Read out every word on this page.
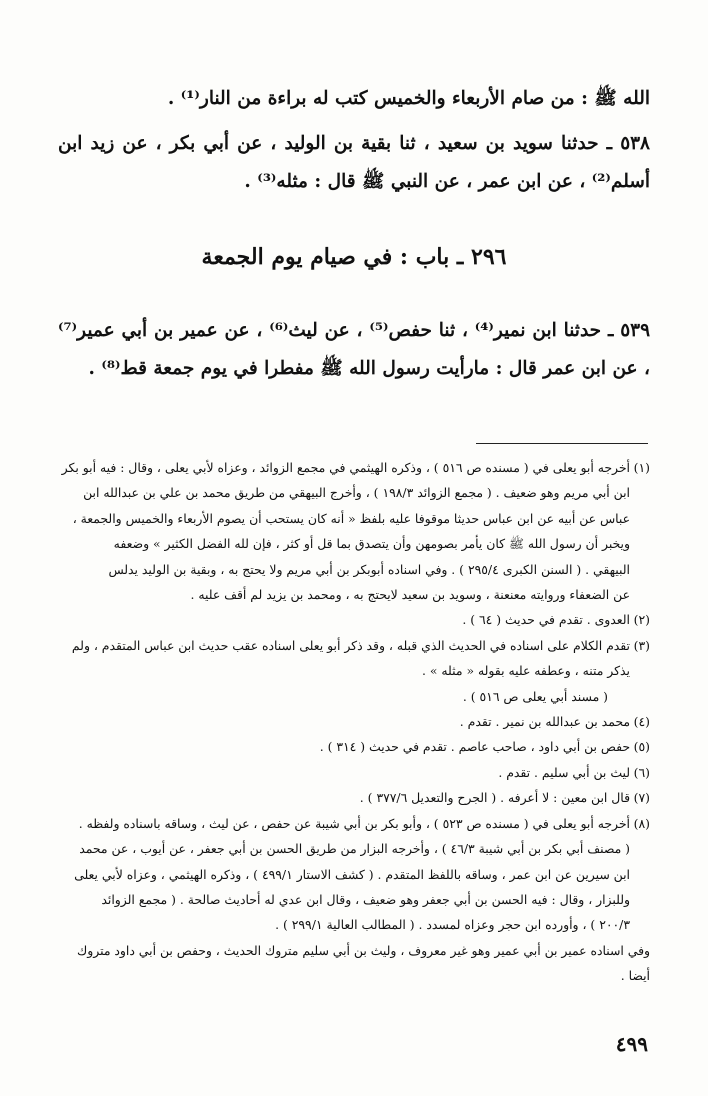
الله ﷺ : من صام الأربعاء والخميس كتب له براءة من النار⁽¹⁾ .
٥٣٨ ـ حدثنا سويد بن سعيد ، ثنا بقية بن الوليد ، عن أبي بكر ، عن زيد ابن أسلم⁽²⁾ ، عن ابن عمر ، عن النبي ﷺ قال : مثله⁽³⁾ .
٢٩٦ ـ باب : في صيام يوم الجمعة
٥٣٩ ـ حدثنا ابن نمير⁽⁴⁾ ، ثنا حفص⁽⁵⁾ ، عن ليث⁽⁶⁾ ، عن عمير بن أبي عمير⁽⁷⁾ ، عن ابن عمر قال : مارأيت رسول الله ﷺ مفطرا في يوم جمعة قط⁽⁸⁾ .
(١)
أخرجه أبو يعلى في ( مسنده ص ٥١٦ ) ، وذكره الهيثمي في مجمع الزوائد ، وعزاه لأبي يعلى ، وقال : فيه أبو بكر
ابن أبي مريم وهو ضعيف . ( مجمع الزوائد ١٩٨/٣ ) ، وأخرج البيهقي من طريق محمد بن علي بن عبدالله ابن
عباس عن أبيه عن ابن عباس حديثا موقوفا عليه بلفظ « أنه كان يستحب أن يصوم الأربعاء والخميس والجمعة ،
ويخبر أن رسول الله ﷺ كان يأمر بصومهن وأن يتصدق بما قل أو كثر ، فإن لله الفضل الكثير » وضعفه
البيهقي . ( السنن الكبرى ٢٩٥/٤ ) . وفي اسناده أبوبكر بن أبي مريم ولا يحتج به ، وبقية بن الوليد يدلس
عن الضعفاء وروايته معنعنة ، وسويد بن سعيد لايحتج به ، ومحمد بن يزيد لم أقف عليه .
(٢)
العدوى . تقدم في حديث ( ٦٤ ) .
(٣)
تقدم الكلام على اسناده في الحديث الذي قبله ، وقد ذكر أبو يعلى اسناده عقب حديث ابن عباس المتقدم ، ولم
يذكر متنه ، وعطفه عليه بقوله « مثله » .
( مسند أبي يعلى ص ٥١٦ ) .
(٤)
محمد بن عبدالله بن نمير . تقدم .
(٥)
حفص بن أبي داود ، صاحب عاصم . تقدم في حديث ( ٣١٤ ) .
(٦)
ليث بن أبي سليم . تقدم .
(٧)
قال ابن معين : لا أعرفه . ( الجرح والتعديل ٣٧٧/٦ ) .
(٨)
أخرجه أبو يعلى في ( مسنده ص ٥٢٣ ) ، وأبو بكر بن أبي شيبة عن حفص ، عن ليث ، وساقه باسناده ولفظه .
( مصنف أبي بكر بن أبي شيبة ٤٦/٣ ) ، وأخرجه البزار من طريق الحسن بن أبي جعفر ، عن أيوب ، عن محمد
ابن سيرين عن ابن عمر ، وساقه باللفظ المتقدم . ( كشف الاستار ٤٩٩/١ ) ، وذكره الهيثمي ، وعزاه لأبي يعلى
وللبزار ، وقال : فيه الحسن بن أبي جعفر وهو ضعيف ، وقال ابن عدي له أحاديث صالحة . ( مجمع الزوائد
٢٠٠/٣ ) ، وأورده ابن حجر وعزاه لمسدد . ( المطالب العالية ٢٩٩/١ ) .
وفي اسناده عمير بن أبي عمير وهو غير معروف ، وليث بن أبي سليم متروك الحديث ، وحفص بن أبي داود متروك
أيضا .
٤٩٩
